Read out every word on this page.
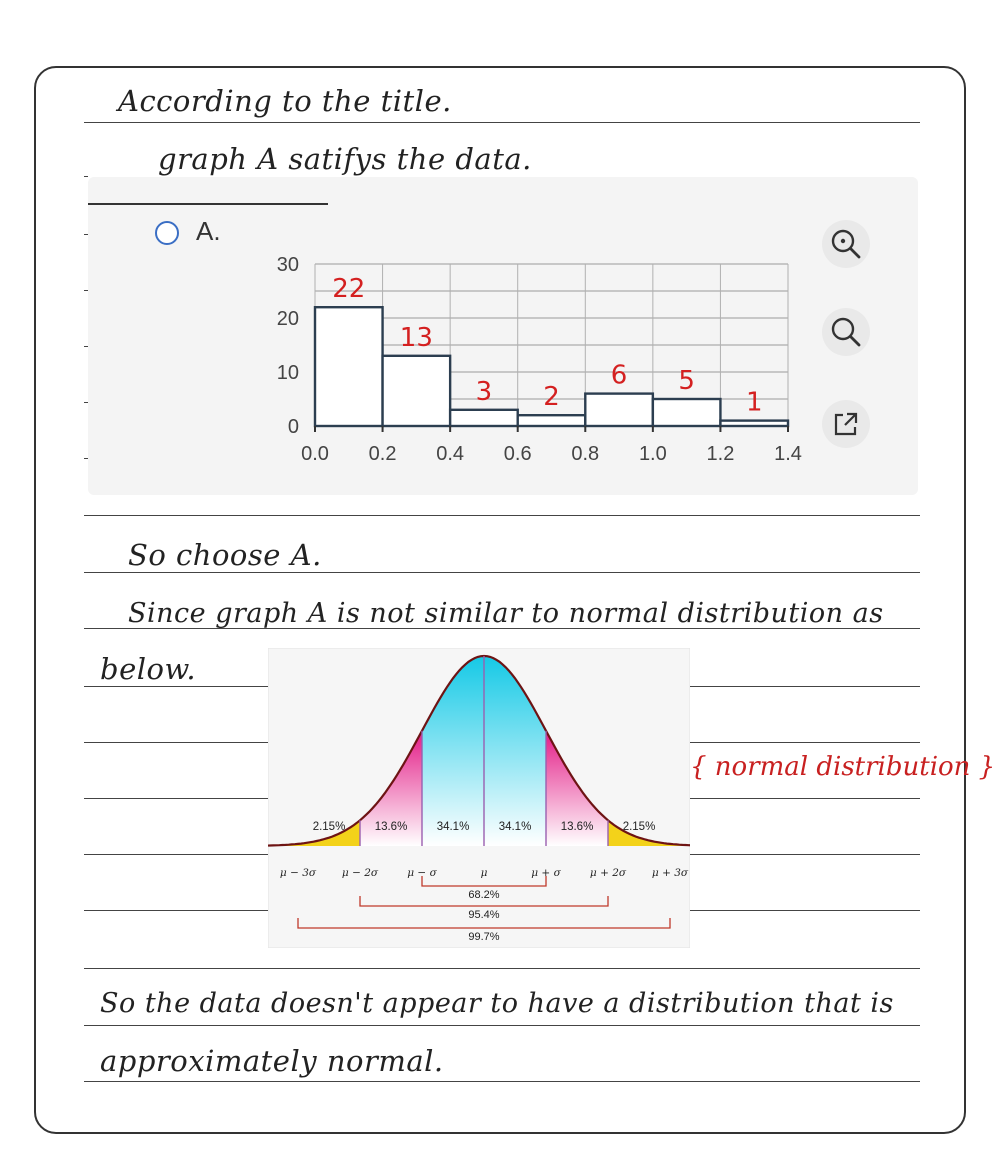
According to the title.
graph A satifys the data.
A.
0.0 0.2 0.4 0.6 0.8 1.0 1.2 1.4
0
10
20
30
22
13
3 2
6 5
1
So choose A.
Since graph A is not similar to normal distribution as
below.
2.15%	13.6%	34.1%	34.1%	13.6%	2.15%
μ − 3σ μ − 2σ	μ − σ	μ	μ + σ	μ + 2σ μ + 3σ
68.2%
95.4%
99.7%
{ normal distribution }
So the data doesn't appear to have a distribution that is
approximately normal.
